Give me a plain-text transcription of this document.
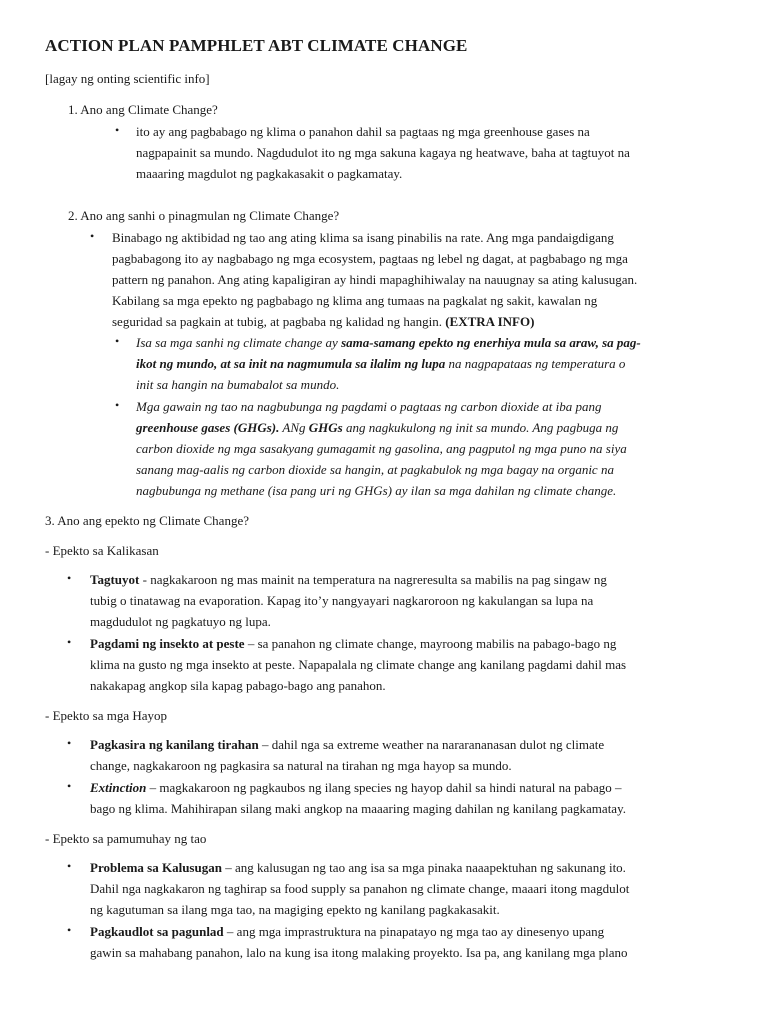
ACTION PLAN PAMPHLET ABT CLIMATE CHANGE
[lagay ng onting scientific info]
1. Ano ang Climate Change?
• ito ay ang pagbabago ng klima o panahon dahil sa pagtaas ng mga greenhouse gases na
nagpapainit sa mundo. Nagdudulot ito ng mga sakuna kagaya ng heatwave, baha at tagtuyot na
maaaring magdulot ng pagkakasakit o pagkamatay.
2. Ano ang sanhi o pinagmulan ng Climate Change?
• Binabago ng aktibidad ng tao ang ating klima sa isang pinabilis na rate. Ang mga pandaigdigang
pagbabagong ito ay nagbabago ng mga ecosystem, pagtaas ng lebel ng dagat, at pagbabago ng mga
pattern ng panahon. Ang ating kapaligiran ay hindi mapaghihiwalay na nauugnay sa ating kalusugan.
Kabilang sa mga epekto ng pagbabago ng klima ang tumaas na pagkalat ng sakit, kawalan ng
seguridad sa pagkain at tubig, at pagbaba ng kalidad ng hangin. (EXTRA INFO)
• Isa sa mga sanhi ng climate change ay sama-samang epekto ng enerhiya mula sa araw, sa pag-
ikot ng mundo, at sa init na nagmumula sa ilalim ng lupa na nagpapataas ng temperatura o
init sa hangin na bumabalot sa mundo.
• Mga gawain ng tao na nagbubunga ng pagdami o pagtaas ng carbon dioxide at iba pang
greenhouse gases (GHGs). ANg GHGs ang nagkukulong ng init sa mundo. Ang pagbuga ng
carbon dioxide ng mga sasakyang gumagamit ng gasolina, ang pagputol ng mga puno na siya
sanang mag-aalis ng carbon dioxide sa hangin, at pagkabulok ng mga bagay na organic na
nagbubunga ng methane (isa pang uri ng GHGs) ay ilan sa mga dahilan ng climate change.
3. Ano ang epekto ng Climate Change?
- Epekto sa Kalikasan
• Tagtuyot - nagkakaroon ng mas mainit na temperatura na nagreresulta sa mabilis na pag singaw ng
tubig o tinatawag na evaporation. Kapag ito’y nangyayari nagkaroroon ng kakulangan sa lupa na
magdudulot ng pagkatuyo ng lupa.
• Pagdami ng insekto at peste – sa panahon ng climate change, mayroong mabilis na pabago-bago ng
klima na gusto ng mga insekto at peste. Napapalala ng climate change ang kanilang pagdami dahil mas
nakakapag angkop sila kapag pabago-bago ang panahon.
- Epekto sa mga Hayop
• Pagkasira ng kanilang tirahan – dahil nga sa extreme weather na nararananasan dulot ng climate
change, nagkakaroon ng pagkasira sa natural na tirahan ng mga hayop sa mundo.
• Extinction – magkakaroon ng pagkaubos ng ilang species ng hayop dahil sa hindi natural na pabago –
bago ng klima. Mahihirapan silang maki angkop na maaaring maging dahilan ng kanilang pagkamatay.
- Epekto sa pamumuhay ng tao
• Problema sa Kalusugan – ang kalusugan ng tao ang isa sa mga pinaka naaapektuhan ng sakunang ito.
Dahil nga nagkakaron ng taghirap sa food supply sa panahon ng climate change, maaari itong magdulot
ng kagutuman sa ilang mga tao, na magiging epekto ng kanilang pagkakasakit.
• Pagkaudlot sa pagunlad – ang mga imprastruktura na pinapatayo ng mga tao ay dinesenyo upang
gawin sa mahabang panahon, lalo na kung isa itong malaking proyekto. Isa pa, ang kanilang mga plano
